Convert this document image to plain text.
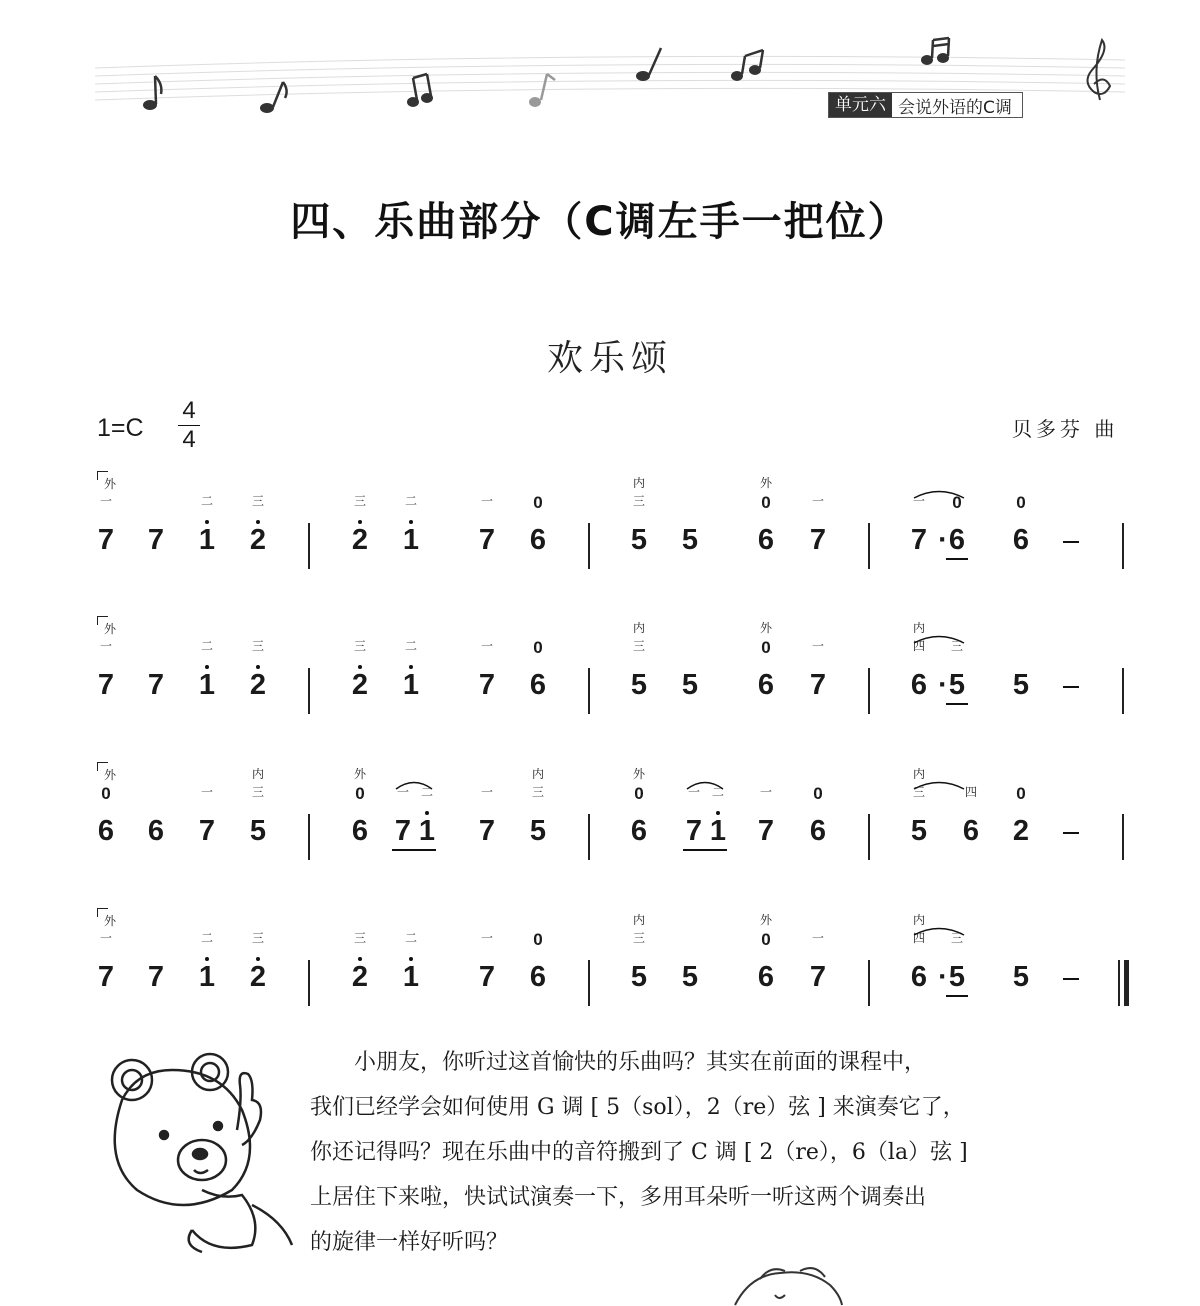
单元六 会说外语的C调
四、乐曲部分（C调左手一把位）
欢乐颂
1=C
4
4	贝多芬 曲
外
7
一
7 1
二
2
三
2
三
1
二
7
一
6
0
5
三
内
5 6
0
外
7
一
7
一
· 6
0
6
0
外
7
一
7 1
二
2
三
2
三
1
二
7
一
6
0
5
三
内
5 6
0
外
7
一
6
四
内
· 5
三
5
外
6
0
6 7
一
5
三
内
6
0
外
7
一
1
二
7
一
5
三
内
6
0
外
7
一
1
二
7
一
6
0
5
三
内
6
四
2
0
外
7
一
7 1
二
2
三
2
三
1
二
7
一
6
0
5
三
内
5 6
0
外
7
一
6
四
内
· 5
三
5

　　小朋友，你听过这首愉快的乐曲吗？其实在前面的课程中，

我们已经学会如何使用 G 调 [ 5（sol），2（re）弦 ] 来演奏它了，

你还记得吗？现在乐曲中的音符搬到了 C 调 [ 2（re），6（la）弦 ]

上居住下来啦，快试试演奏一下，多用耳朵听一听这两个调奏出

的旋律一样好听吗？
